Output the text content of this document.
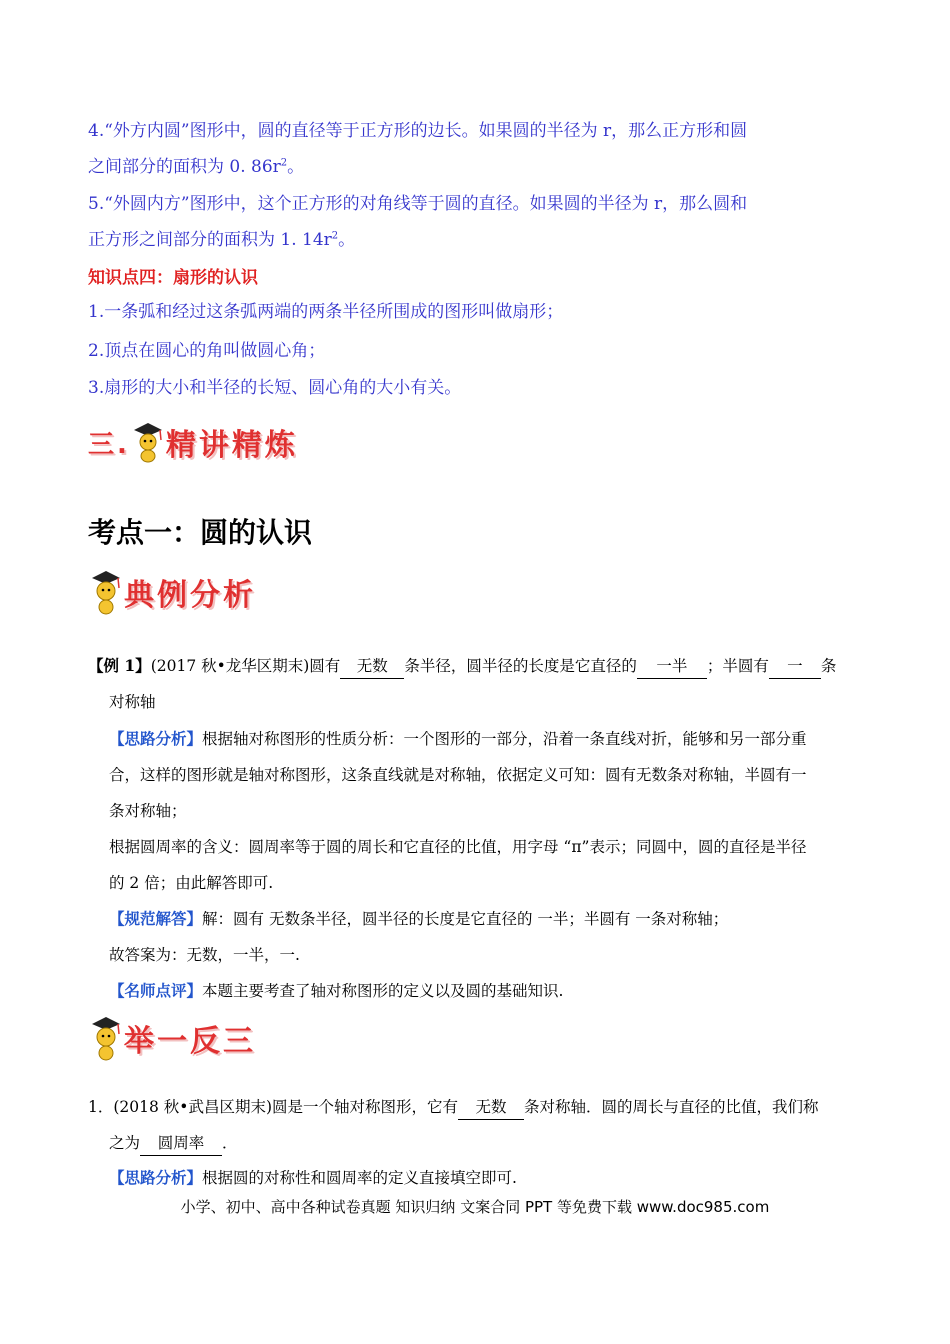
4.“外方内圆”图形中，圆的直径等于正方形的边长。如果圆的半径为 r，那么正方形和圆
之间部分的面积为 0. $86r^2$。
5.“外圆内方”图形中，这个正方形的对角线等于圆的直径。如果圆的半径为 r，那么圆和
正方形之间部分的面积为 1. $14r^2$。
知识点四：扇形的认识
1.一条弧和经过这条弧两端的两条半径所围成的图形叫做扇形；
2.顶点在圆心的角叫做圆心角；
3.扇形的大小和半径的长短、圆心角的大小有关。
三. 精讲精炼
考点一：圆的认识
典例分析
【例 1】(2017 秋•龙华区期末)圆有 无数 条半径，圆半径的长度是它直径的 一半 ；半圆有 一 条
对称轴
【思路分析】根据轴对称图形的性质分析：一个图形的一部分，沿着一条直线对折，能够和另一部分重
合，这样的图形就是轴对称图形，这条直线就是对称轴，依据定义可知：圆有无数条对称轴，半圆有一
条对称轴；
根据圆周率的含义：圆周率等于圆的周长和它直径的比值，用字母 “π”表示；同圆中，圆的直径是半径
的 2 倍；由此解答即可.
【规范解答】解：圆有 无数条半径，圆半径的长度是它直径的 一半；半圆有 一条对称轴；
故答案为：无数，一半，一.
【名师点评】本题主要考查了轴对称图形的定义以及圆的基础知识.
举一反三
1．(2018 秋•武昌区期末)圆是一个轴对称图形，它有 无数 条对称轴．圆的周长与直径的比值，我们称
之为 圆周率 ．
【思路分析】根据圆的对称性和圆周率的定义直接填空即可.
小学、初中、高中各种试卷真题 知识归纳 文案合同 PPT 等免费下载 www.doc985.com
